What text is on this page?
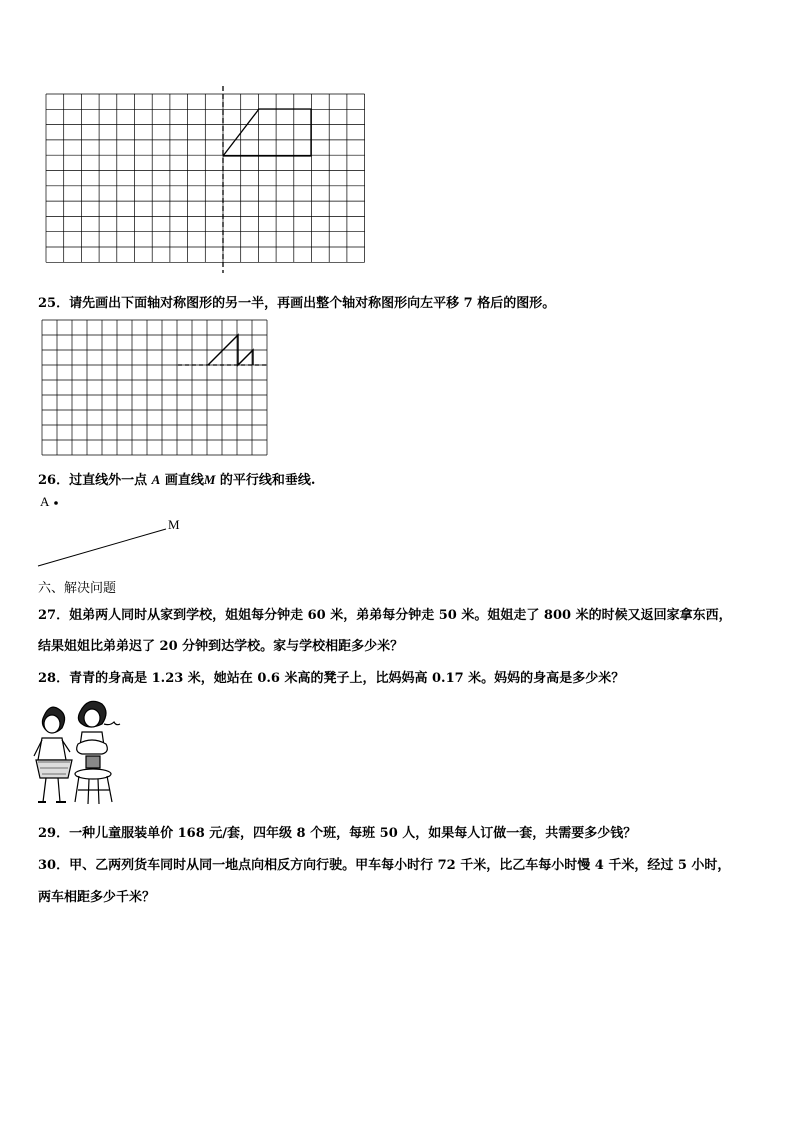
25．请先画出下面轴对称图形的另一半，再画出整个轴对称图形向左平移 7 格后的图形。
26．过直线外一点 A 画直线M 的平行线和垂线.
A
M
六、解决问题
27．姐弟两人同时从家到学校，姐姐每分钟走 60 米，弟弟每分钟走 50 米。姐姐走了 800 米的时候又返回家拿东西，
结果姐姐比弟弟迟了 20 分钟到达学校。家与学校相距多少米？
28．青青的身高是 1.23 米，她站在 0.6 米高的凳子上，比妈妈高 0.17 米。妈妈的身高是多少米？
29．一种儿童服装单价 168 元/套，四年级 8 个班，每班 50 人，如果每人订做一套，共需要多少钱？
30．甲、乙两列货车同时从同一地点向相反方向行驶。甲车每小时行 72 千米，比乙车每小时慢 4 千米，经过 5 小时，
两车相距多少千米？
